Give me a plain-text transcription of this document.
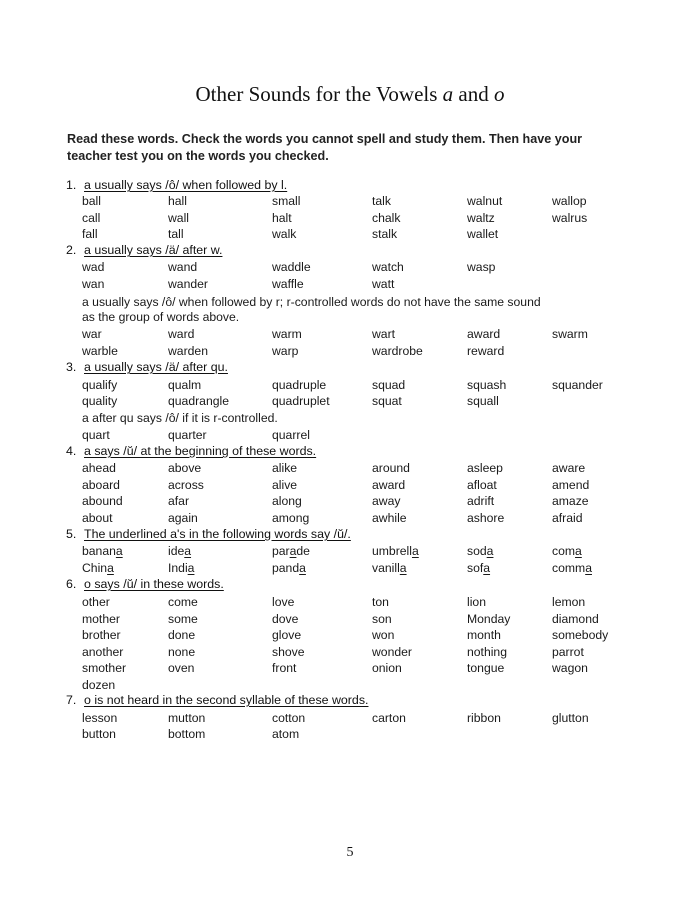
Other Sounds for the Vowels a and o
Read these words. Check the words you cannot spell and study them. Then have your teacher test you on the words you checked.
1. a usually says /ô/ when followed by l.
2. a usually says /ä/ after w.
3. a usually says /ä/ after qu.
4. a says /ŭ/ at the beginning of these words.
5. The underlined a's in the following words say /ŭ/.
6. o says /ŭ/ in these words.
7. o is not heard in the second syllable of these words.
a usually says /ô/ when followed by r; r-controlled words do not have the same sound
as the group of words above.
a after qu says /ô/ if it is r-controlled.
ball	hall	small	talk	walnut	wallop
call	wall	halt	chalk	waltz	walrus
fall	tall	walk	stalk	wallet
wad	wand	waddle	watch	wasp
wan	wander	waffle	watt
war	ward	warm	wart	award	swarm
warble	warden	warp	wardrobe	reward
qualify	qualm	quadruple	squad	squash	squander
quality	quadrangle	quadruplet	squat	squall
quart	quarter	quarrel
ahead	above	alike	around	asleep	aware
aboard	across	alive	award	afloat	amend
abound	afar	along	away	adrift	amaze
about	again	among	awhile	ashore	afraid
banana	idea	parade	umbrella	soda	coma
China	India	panda	vanilla	sofa	comma
other	come	love	ton	lion	lemon
mother	some	dove	son	Monday	diamond
brother	done	glove	won	month	somebody
another	none	shove	wonder	nothing	parrot
smother	oven	front	onion	tongue	wagon
dozen
lesson	mutton	cotton	carton	ribbon	glutton
button	bottom	atom
5
